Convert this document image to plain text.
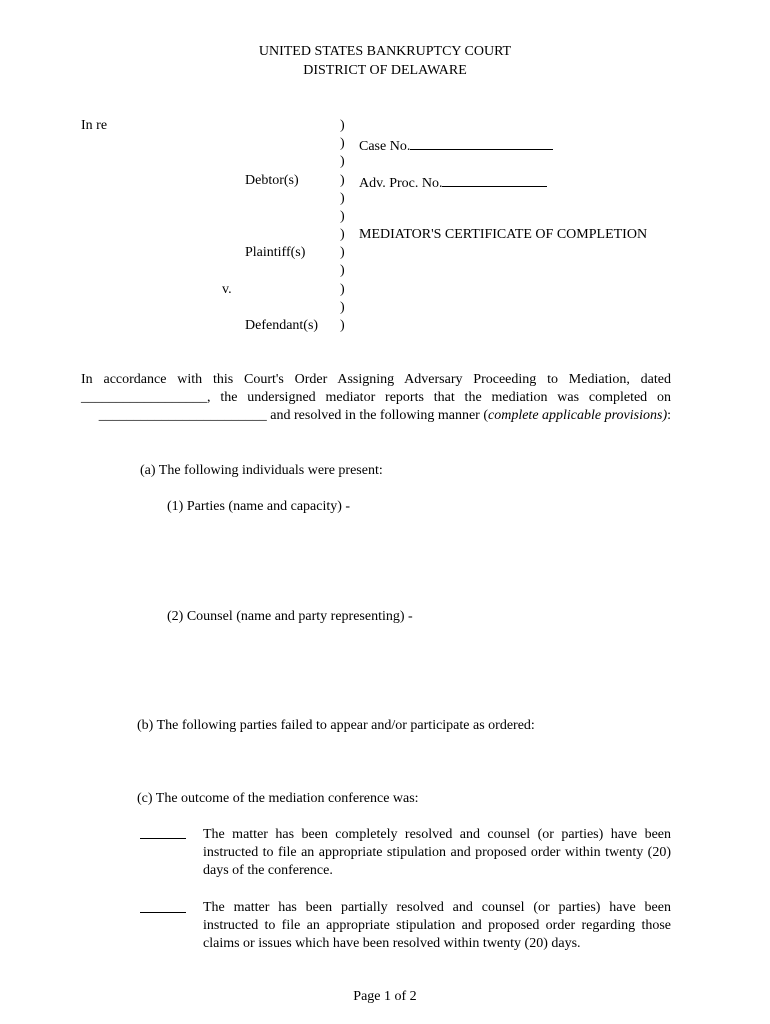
UNITED STATES BANKRUPTCY COURT
DISTRICT OF DELAWARE
In re
Debtor(s)
Plaintiff(s)
v.
Defendant(s)
)
)
)
)
)
)
)
)
)
)
)
)
Case No.
Adv. Proc. No.
MEDIATOR'S CERTIFICATE OF COMPLETION
In accordance with this Court's Order Assigning Adversary Proceeding to Mediation, dated
__________________, the undersigned mediator reports that the mediation was completed on
________________________ and resolved in the following manner (complete applicable provisions):
(a) The following individuals were present:
(1) Parties (name and capacity) -
(2) Counsel (name and party representing) -
(b) The following parties failed to appear and/or participate as ordered:
(c) The outcome of the mediation conference was:
The matter has been completely resolved and counsel (or parties) have been instructed to file an appropriate stipulation and proposed order within twenty (20) days of the conference.
The matter has been partially resolved and counsel (or parties) have been instructed to file an appropriate stipulation and proposed order regarding those claims or issues which have been resolved within twenty (20) days.
Page 1 of 2
